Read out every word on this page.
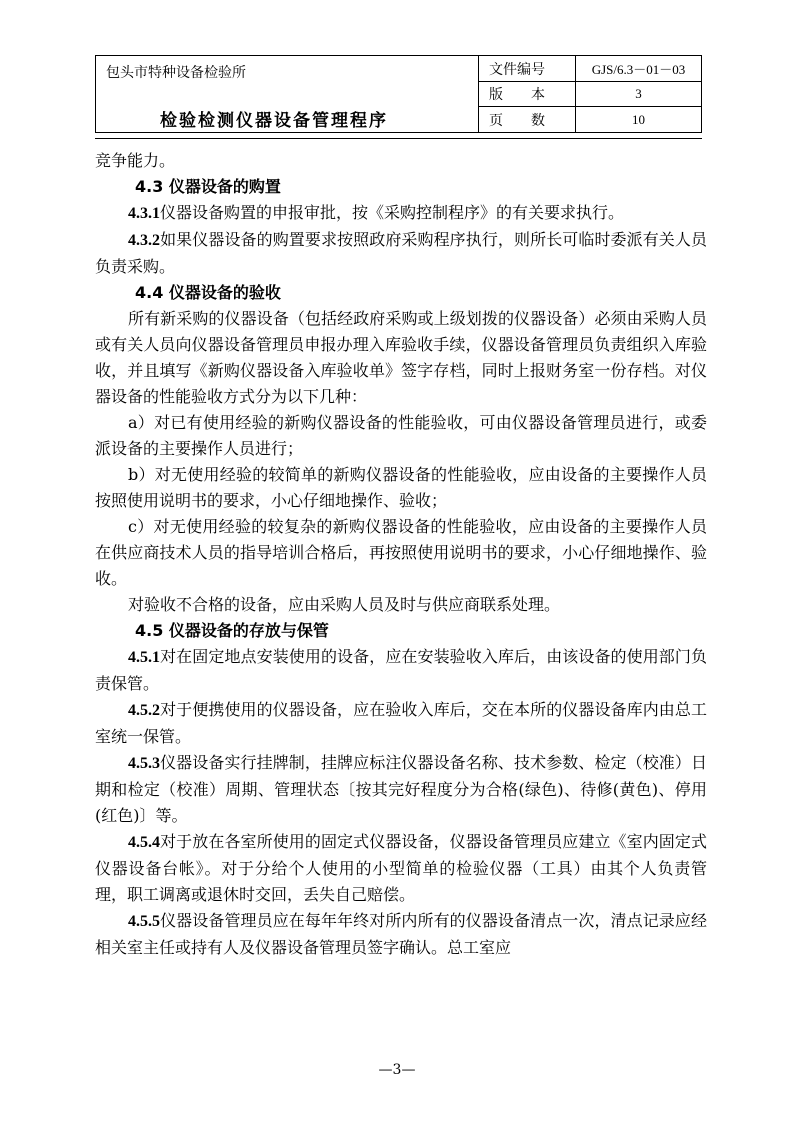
包头市特种设备检验所
检验检测仪器设备管理程序	文件编号	GJS/6.3－01－03
	版　　本	3
	页　　数	10

竞争能力。

4.3 仪器设备的购置

4.3.1仪器设备购置的申报审批，按《采购控制程序》的有关要求执行。

4.3.2如果仪器设备的购置要求按照政府采购程序执行，则所长可临时委派有关人员负责采购。

4.4 仪器设备的验收

所有新采购的仪器设备（包括经政府采购或上级划拨的仪器设备）必须由采购人员或有关人员向仪器设备管理员申报办理入库验收手续，仪器设备管理员负责组织入库验收，并且填写《新购仪器设备入库验收单》签字存档，同时上报财务室一份存档。对仪器设备的性能验收方式分为以下几种：

a）对已有使用经验的新购仪器设备的性能验收，可由仪器设备管理员进行，或委派设备的主要操作人员进行；

b）对无使用经验的较简单的新购仪器设备的性能验收，应由设备的主要操作人员按照使用说明书的要求，小心仔细地操作、验收；

c）对无使用经验的较复杂的新购仪器设备的性能验收，应由设备的主要操作人员在供应商技术人员的指导培训合格后，再按照使用说明书的要求，小心仔细地操作、验收。

对验收不合格的设备，应由采购人员及时与供应商联系处理。

4.5 仪器设备的存放与保管

4.5.1对在固定地点安装使用的设备，应在安装验收入库后，由该设备的使用部门负责保管。

4.5.2对于便携使用的仪器设备，应在验收入库后，交在本所的仪器设备库内由总工室统一保管。

4.5.3仪器设备实行挂牌制，挂牌应标注仪器设备名称、技术参数、检定（校准）日期和检定（校准）周期、管理状态〔按其完好程度分为合格(绿色)、待修(黄色)、停用(红色)〕等。

4.5.4对于放在各室所使用的固定式仪器设备，仪器设备管理员应建立《室内固定式仪器设备台帐》。对于分给个人使用的小型简单的检验仪器（工具）由其个人负责管理，职工调离或退休时交回，丢失自己赔偿。

4.5.5仪器设备管理员应在每年年终对所内所有的仪器设备清点一次，清点记录应经相关室主任或持有人及仪器设备管理员签字确认。总工室应

—3—
